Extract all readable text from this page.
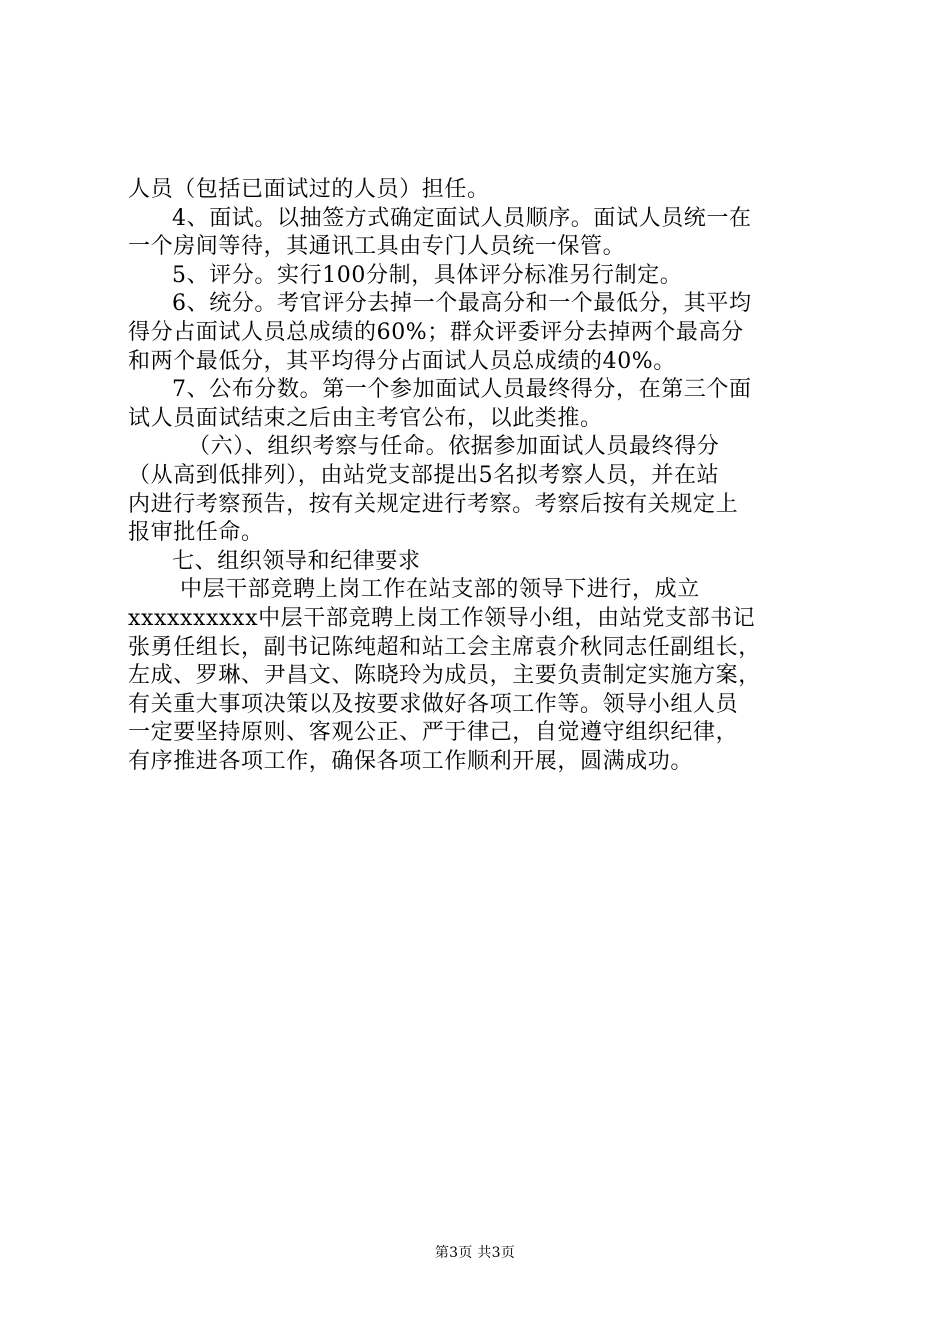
人员（包括已面试过的人员）担任。
4、面试。以抽签方式确定面试人员顺序。面试人员统一在
一个房间等待，其通讯工具由专门人员统一保管。
5、评分。实行100分制，具体评分标准另行制定。
6、统分。考官评分去掉一个最高分和一个最低分，其平均
得分占面试人员总成绩的60%；群众评委评分去掉两个最高分
和两个最低分，其平均得分占面试人员总成绩的40%。
7、公布分数。第一个参加面试人员最终得分，在第三个面
试人员面试结束之后由主考官公布，以此类推。
（六）、组织考察与任命。依据参加面试人员最终得分
（从高到低排列），由站党支部提出5名拟考察人员，并在站
内进行考察预告，按有关规定进行考察。考察后按有关规定上
报审批任命。
七、组织领导和纪律要求
中层干部竞聘上岗工作在站支部的领导下进行，成立
xxxxxxxxxx中层干部竞聘上岗工作领导小组，由站党支部书记
张勇任组长，副书记陈纯超和站工会主席袁介秋同志任副组长，
左成、罗琳、尹昌文、陈晓玲为成员，主要负责制定实施方案，
有关重大事项决策以及按要求做好各项工作等。领导小组人员
一定要坚持原则、客观公正、严于律己，自觉遵守组织纪律，
有序推进各项工作，确保各项工作顺利开展，圆满成功。
第3页 共3页
